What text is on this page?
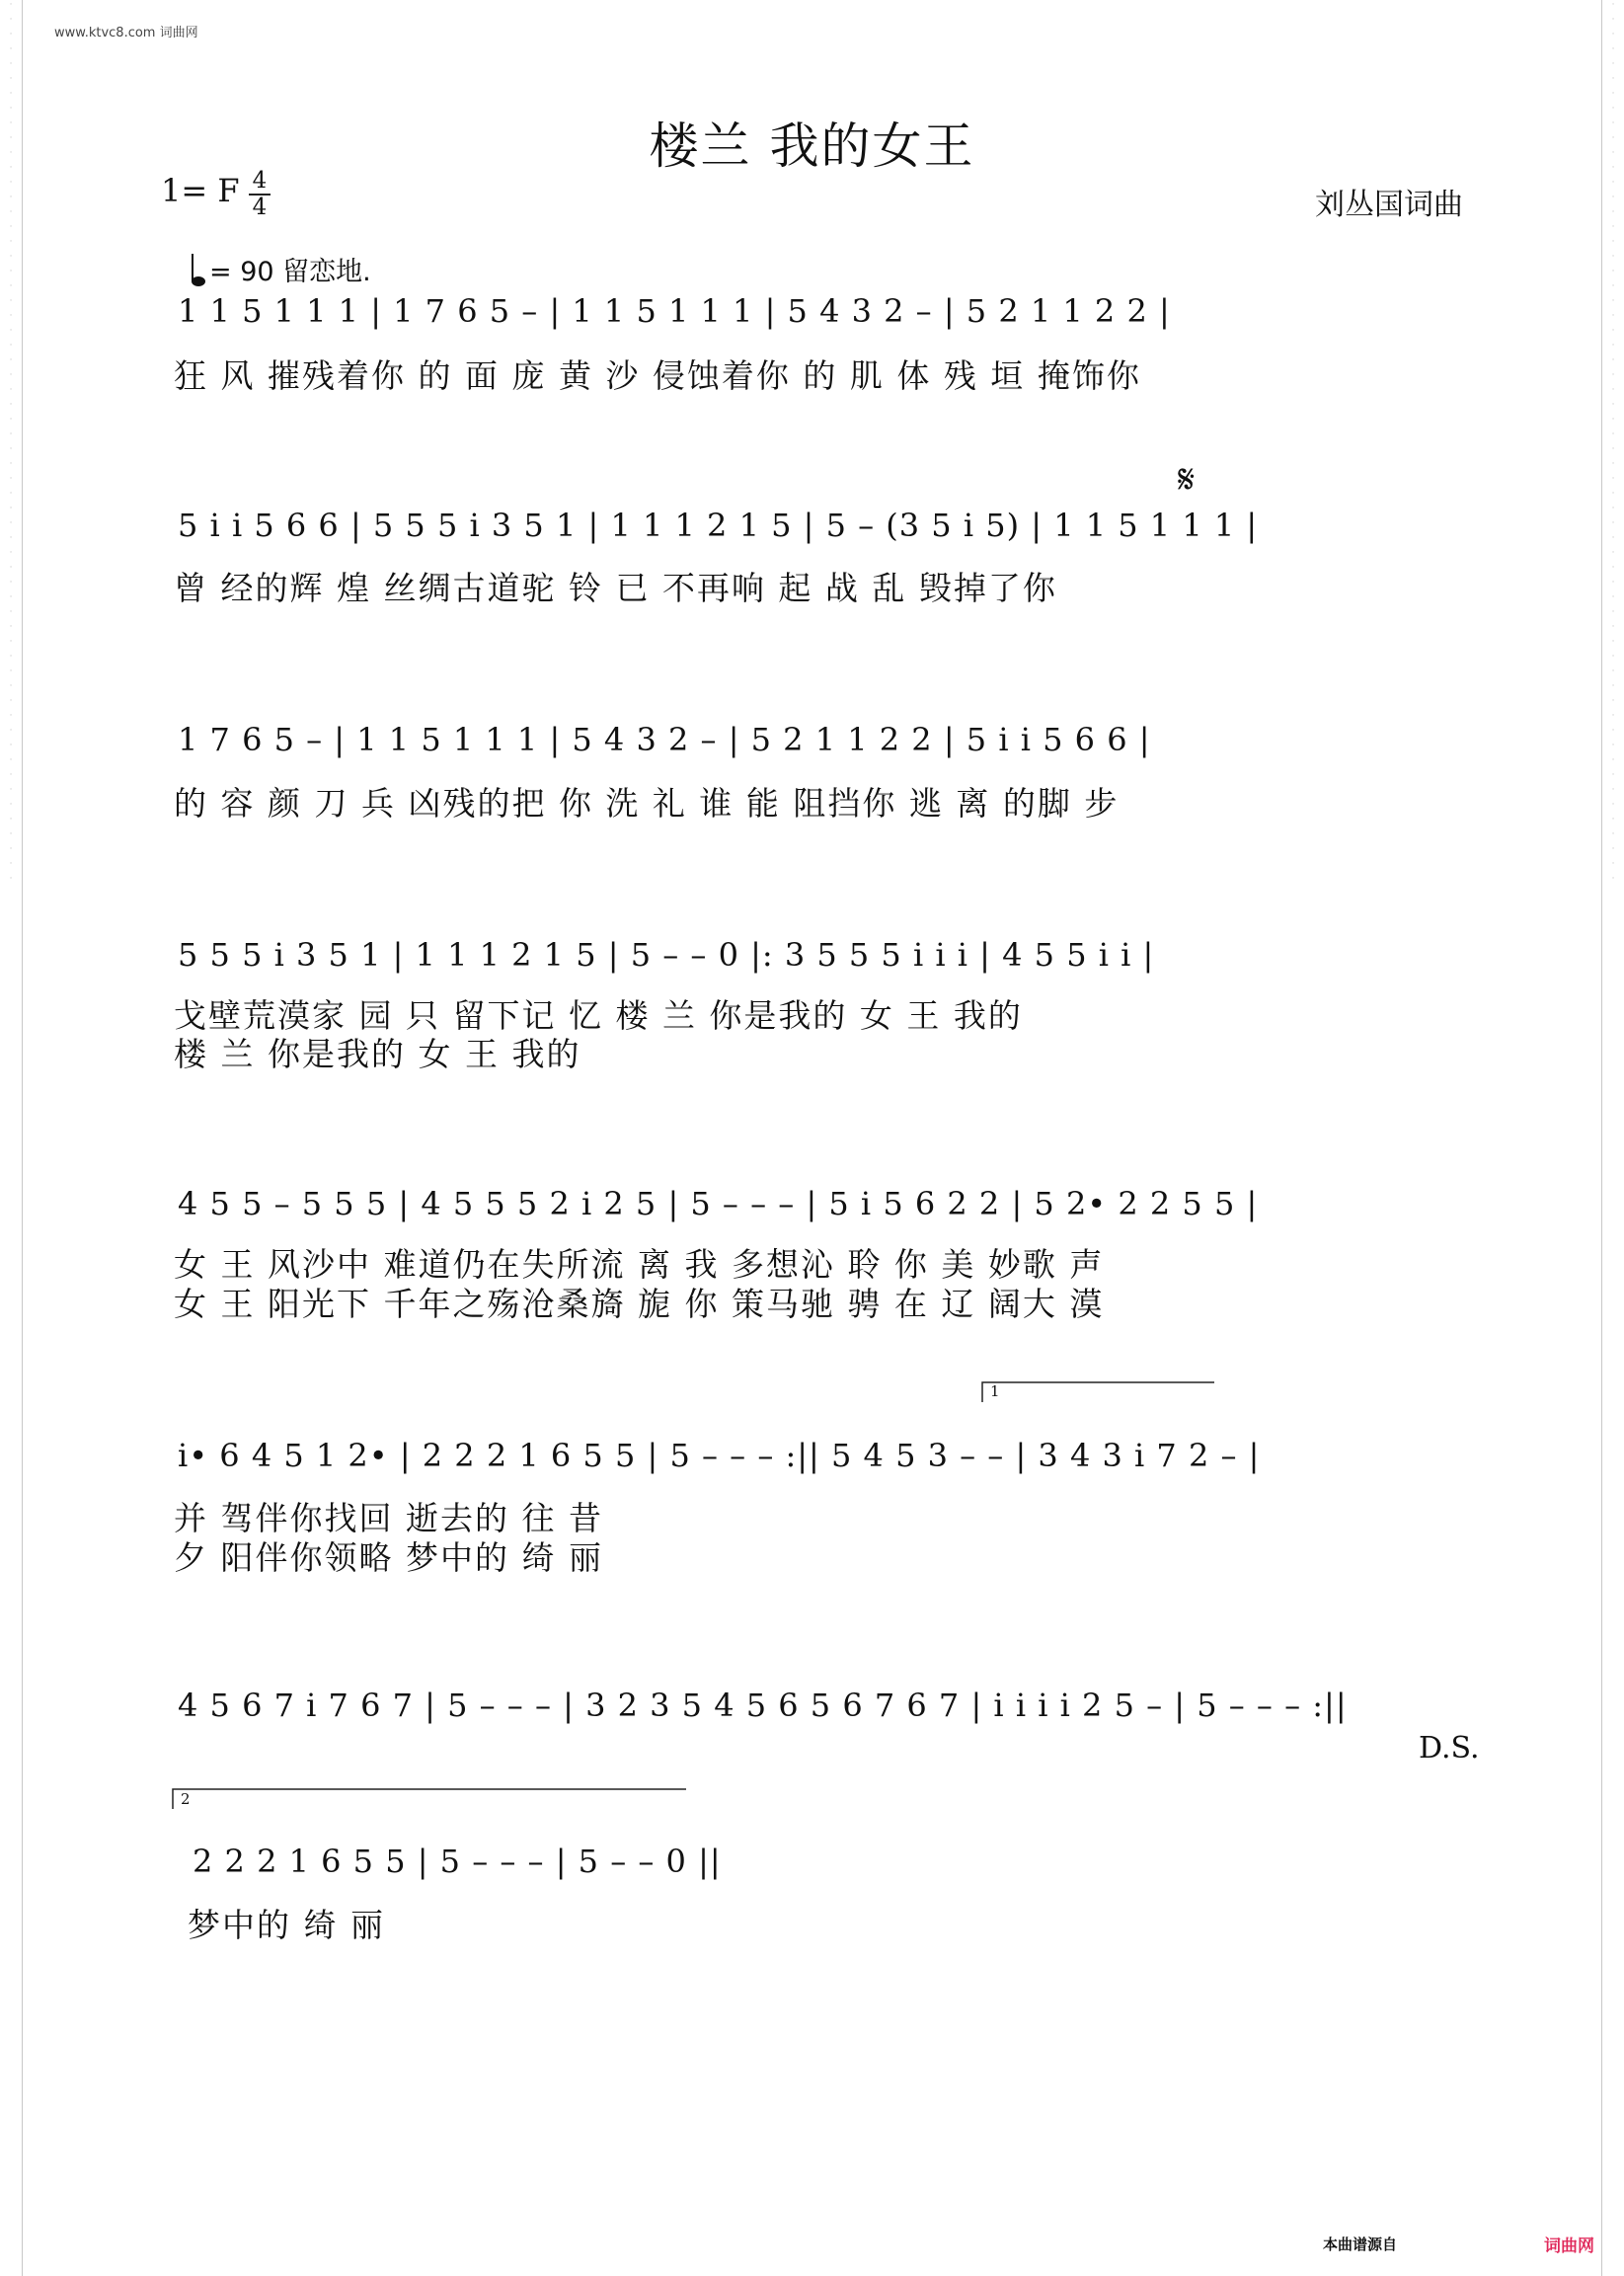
·
·
·
·
·
·
·
·
·
·
·
·
·
·
·
·
·
·
·
·
·
·
·
·
·
·
·
·
·
·
·
·
·
·
·
·
·
·
·
·
·
·
·
·
·
·
·
·
·
·
·
·
·
·
·
·
·
·
·
·
·
·
·
·
·
·
·
·
·
·
·
·
·
·
·
·
·
·
·
·
·
·
·
·
·
·
·
·
·
·
·
·
·
·
·
·
·
·
·
·
·
·
·
·
·
·
·
·
·
·
·
·
·
·
·
·
·
·
·
·
www.ktvc8.com 词曲网
楼兰 我的女王
1= F 4
4	刘丛国词曲
= 90 留恋地.
1 1 5 1 1 1 | 1 7 6 5 – | 1 1 5 1 1 1 | 5 4 3 2 – | 5 2 1 1 2 2 |
狂 风 摧残着你 的 面 庞 黄 沙 侵蚀着你 的 肌 体 残 垣 掩饰你
5 i i 5 6 6 | 5 5 5 i 3 5 1 | 1 1 1 2 1 5 | 5 – (3 5 i 5) | 1 1 5 1 1 1 |
曾 经的辉 煌 丝绸古道驼 铃 已 不再响 起 战 乱 毁掉了你
𝄋
1 7 6 5 – | 1 1 5 1 1 1 | 5 4 3 2 – | 5 2 1 1 2 2 | 5 i i 5 6 6 |
的 容 颜 刀 兵 凶残的把 你 洗 礼 谁 能 阻挡你 逃 离 的脚 步
5 5 5 i 3 5 1 | 1 1 1 2 1 5 | 5 – – 0 |: 3 5 5 5 i i i | 4 5 5 i i |
戈壁荒漠家 园 只 留下记 忆 楼 兰 你是我的 女 王 我的
楼 兰 你是我的 女 王 我的
4 5 5 – 5 5 5 | 4 5 5 5 2 i 2 5 | 5 – – – | 5 i 5 6 2 2 | 5 2• 2 2 5 5 |
女 王 风沙中 难道仍在失所流 离 我 多想沁 聆 你 美 妙歌 声
女 王 阳光下 千年之殇沧桑旖 旎 你 策马驰 骋 在 辽 阔大 漠
1
i• 6 4 5 1 2• | 2 2 2 1 6 5 5 | 5 – – – :|| 5 4 5 3 – – | 3 4 3 i 7 2 – |
并 驾伴你找回 逝去的 往 昔
夕 阳伴你领略 梦中的 绮 丽
4 5 6 7 i 7 6 7 | 5 – – – | 3 2 3 5 4 5 6 5 6 7 6 7 | i i i i 2 5 – | 5 – – – :||
D.S.
2
2 2 2 1 6 5 5 | 5 – – – | 5 – – 0 ||
梦中的 绮 丽
本曲谱源自	词曲网
